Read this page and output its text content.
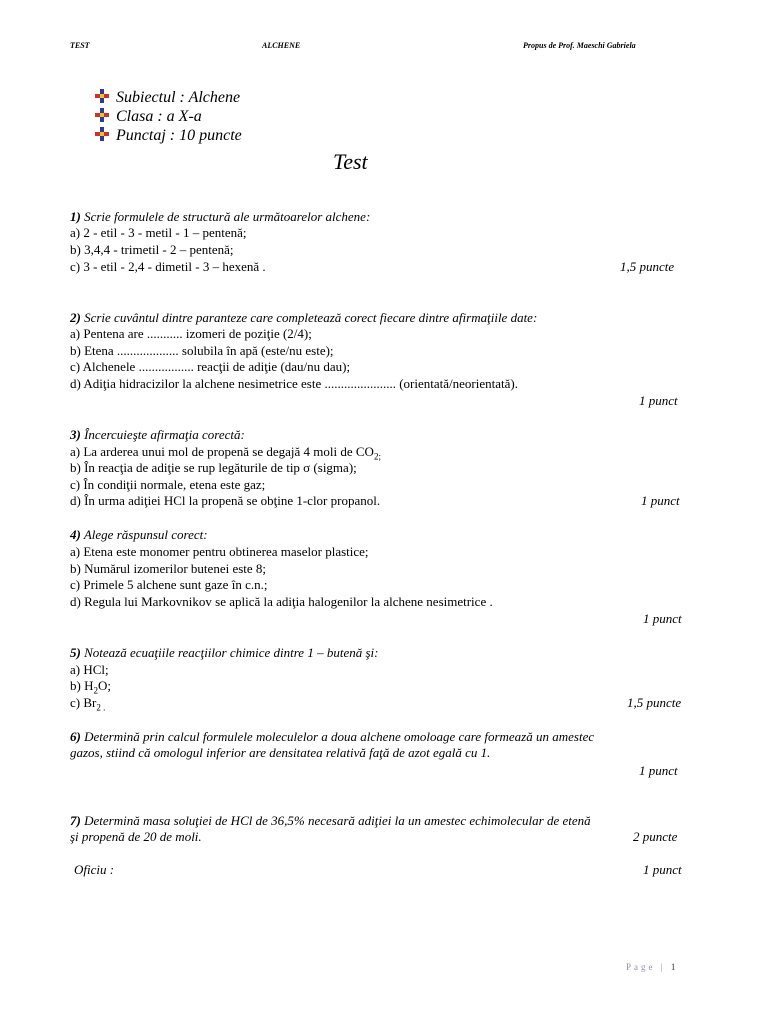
TEST	ALCHENE	Propus de Prof. Maeschi Gabriela
Subiectul : Alchene
Clasa : a X-a
Punctaj : 10 puncte
Test
1) Scrie formulele de structură ale următoarelor alchene:
a) 2 - etil - 3 - metil - 1 – pentenă;
b) 3,4,4 - trimetil - 2 – pentenă;
c) 3 - etil - 2,4 - dimetil - 3 – hexenă .	1,5 puncte
2) Scrie cuvântul dintre paranteze care completează corect fiecare dintre afirmaţiile date:
a) Pentena are ........... izomeri de poziţie (2/4);
b) Etena ................... solubila în apă (este/nu este);
c) Alchenele ................. reacţii de adiţie (dau/nu dau);
d) Adiţia hidracizilor la alchene nesimetrice este ...................... (orientată/neorientată).
1 punct
3) Încercuieşte afirmaţia corectă:
a) La arderea unui mol de propenă se degajă 4 moli de $CO_{2;}$
b) În reacţia de adiţie se rup legăturile de tip σ (sigma);
c) În condiţii normale, etena este gaz;
d) În urma adiţiei HCl la propenă se obţine 1-clor propanol.	1 punct
4) Alege răspunsul corect:
a) Etena este monomer pentru obtinerea maselor plastice;
b) Numărul izomerilor butenei este 8;
c) Primele 5 alchene sunt gaze în c.n.;
d) Regula lui Markovnikov se aplică la adiţia halogenilor la alchene nesimetrice .
1 punct
5) Notează ecuaţiile reacţiilor chimice dintre 1 – butenă şi:
a) HCl;
b) $H_2O$;
c) $Br_{2 .}$	1,5 puncte
6) Determină prin calcul formulele moleculelor a doua alchene omoloage care formează un amestec
gazos, stiind că omologul inferior are densitatea relativă faţă de azot egală cu 1.
1 punct
7) Determină masa soluţiei de HCl de 36,5% necesară adiţiei la un amestec echimolecular de etenă
şi propenă de 20 de moli.	2 puncte
Oficiu :	1 punct
Page | 1
